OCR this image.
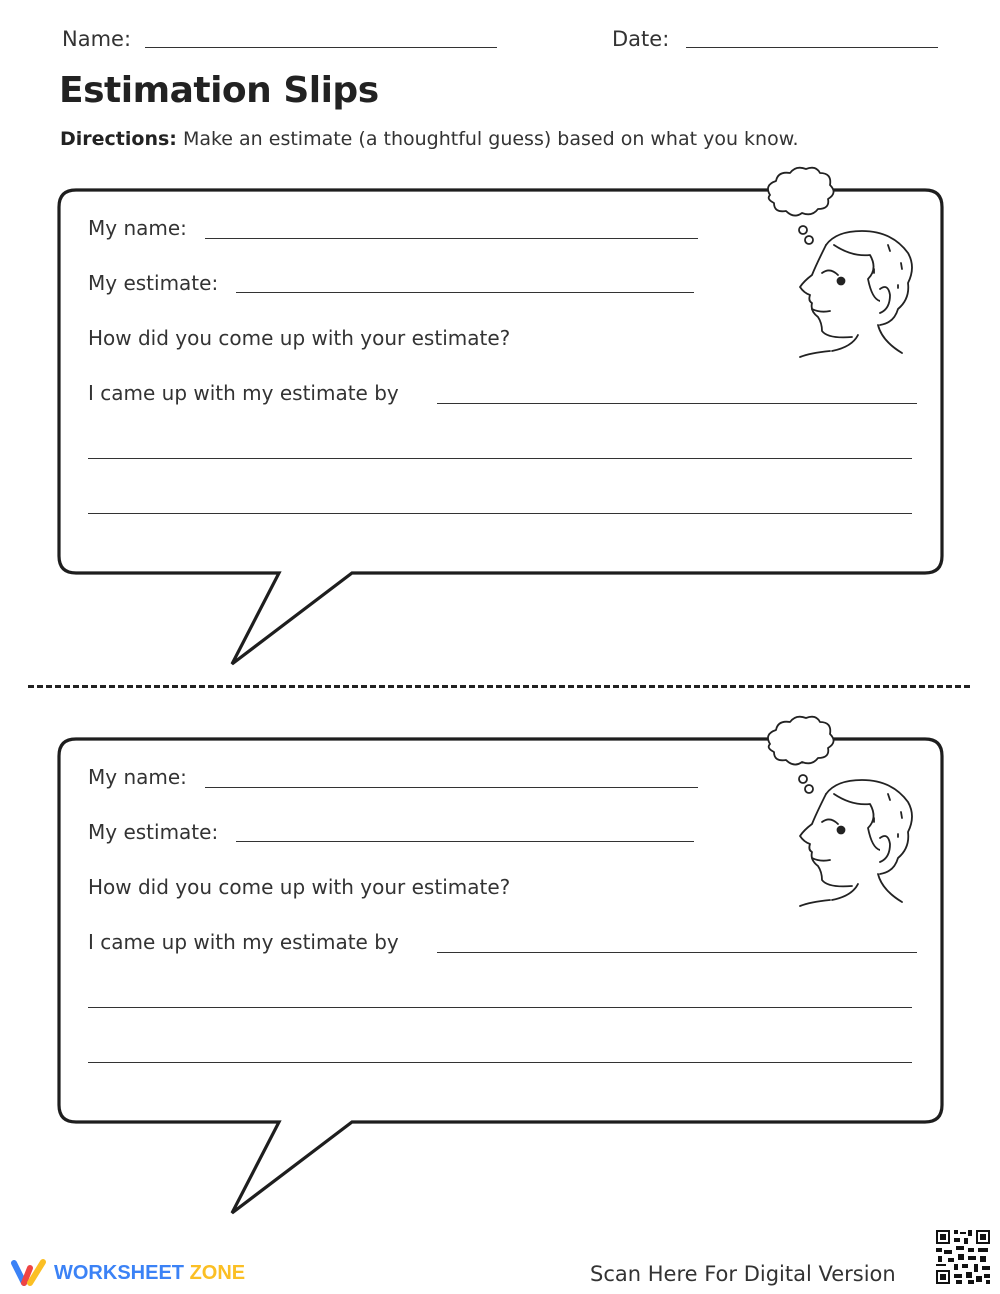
Name:	Date:
Estimation Slips
Directions: Make an estimate (a thoughtful guess) based on what you know.
My name:
My estimate:
How did you come up with your estimate?
I came up with my estimate by
My name:
My estimate:
How did you come up with your estimate?
I came up with my estimate by
WORKSHEET ZONE	Scan Here For Digital Version
